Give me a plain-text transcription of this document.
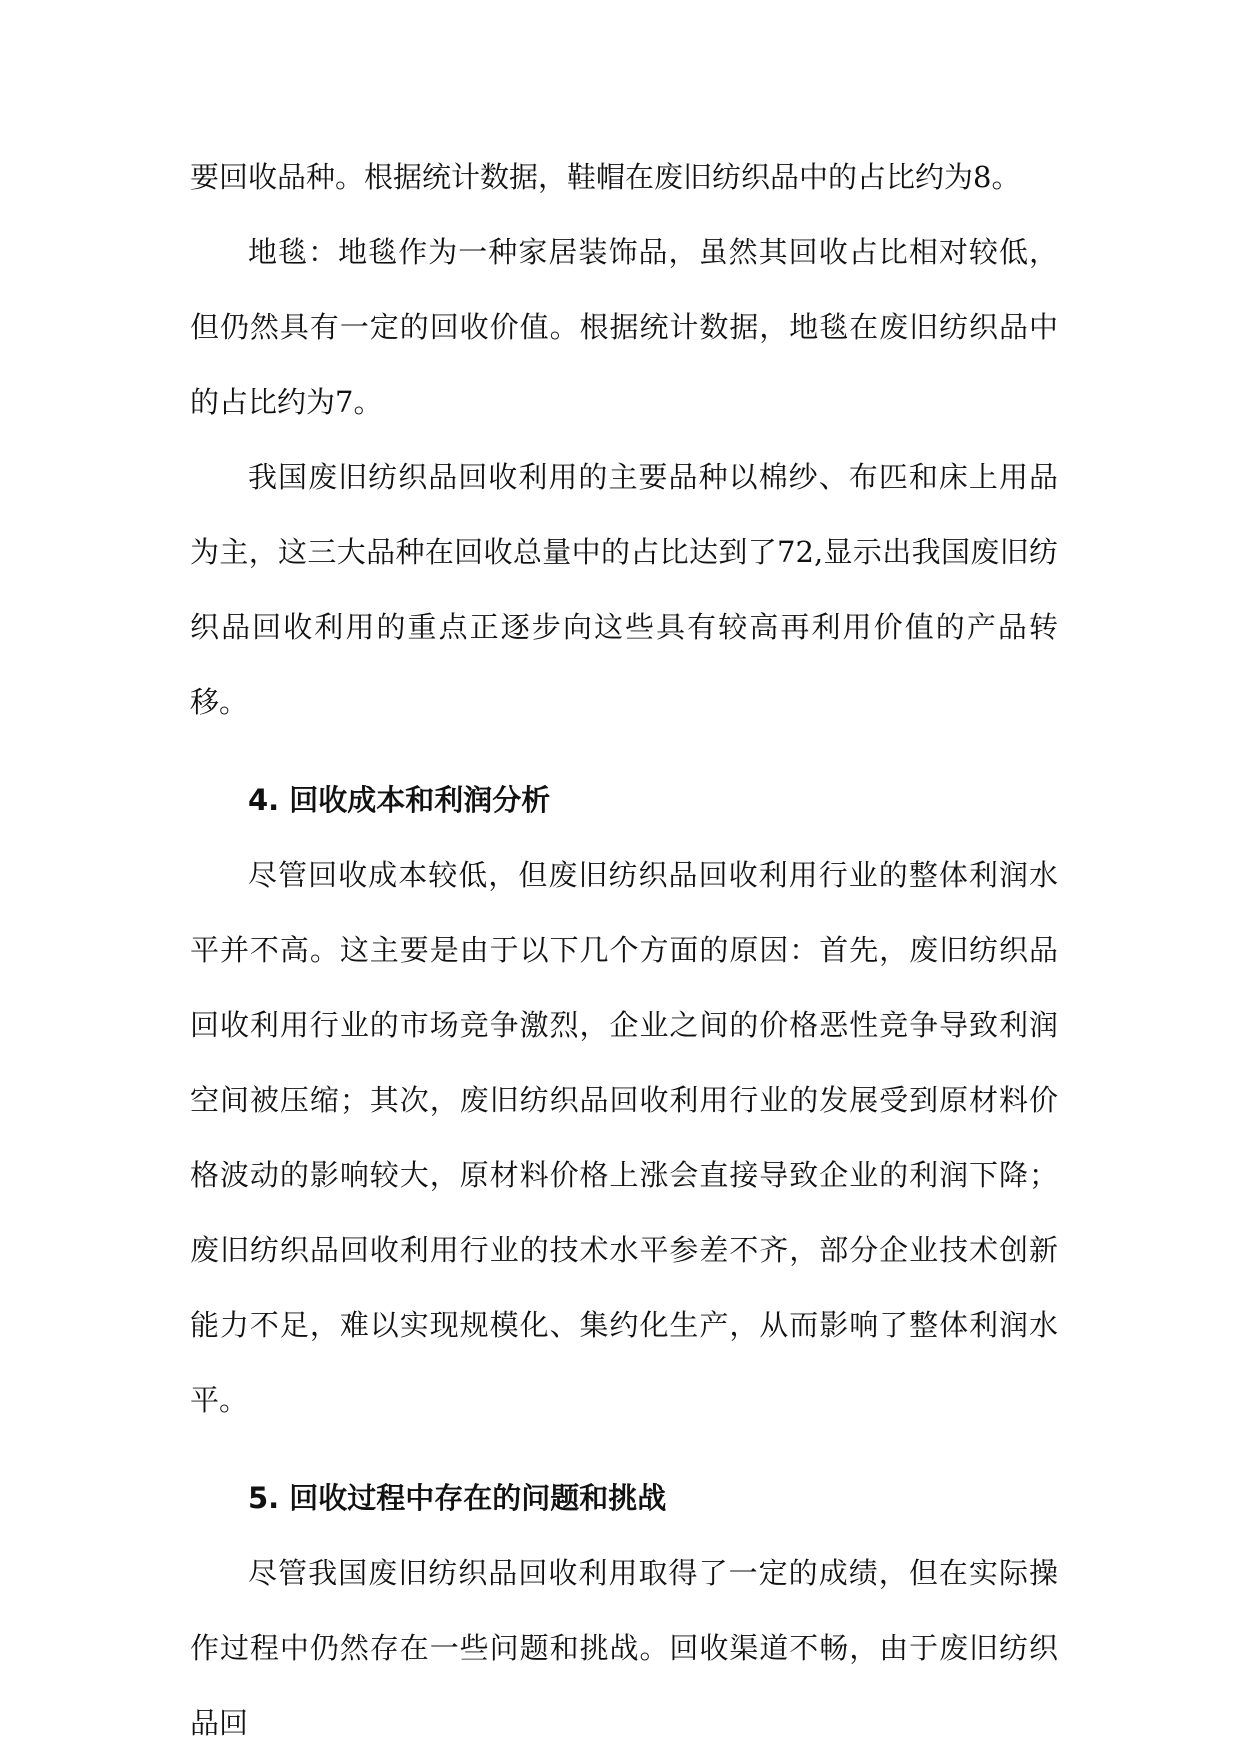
要回收品种。根据统计数据，鞋帽在废旧纺织品中的占比约为8。

地毯：地毯作为一种家居装饰品，虽然其回收占比相对较低，但仍然具有一定的回收价值。根据统计数据，地毯在废旧纺织品中的占比约为7。

我国废旧纺织品回收利用的主要品种以棉纱、布匹和床上用品为主，这三大品种在回收总量中的占比达到了72,显示出我国废旧纺织品回收利用的重点正逐步向这些具有较高再利用价值的产品转移。

4. 回收成本和利润分析

尽管回收成本较低，但废旧纺织品回收利用行业的整体利润水平并不高。这主要是由于以下几个方面的原因：首先，废旧纺织品回收利用行业的市场竞争激烈，企业之间的价格恶性竞争导致利润空间被压缩；其次，废旧纺织品回收利用行业的发展受到原材料价格波动的影响较大，原材料价格上涨会直接导致企业的利润下降；废旧纺织品回收利用行业的技术水平参差不齐，部分企业技术创新能力不足，难以实现规模化、集约化生产，从而影响了整体利润水平。

5. 回收过程中存在的问题和挑战

尽管我国废旧纺织品回收利用取得了一定的成绩，但在实际操作过程中仍然存在一些问题和挑战。回收渠道不畅，由于废旧纺织品回
